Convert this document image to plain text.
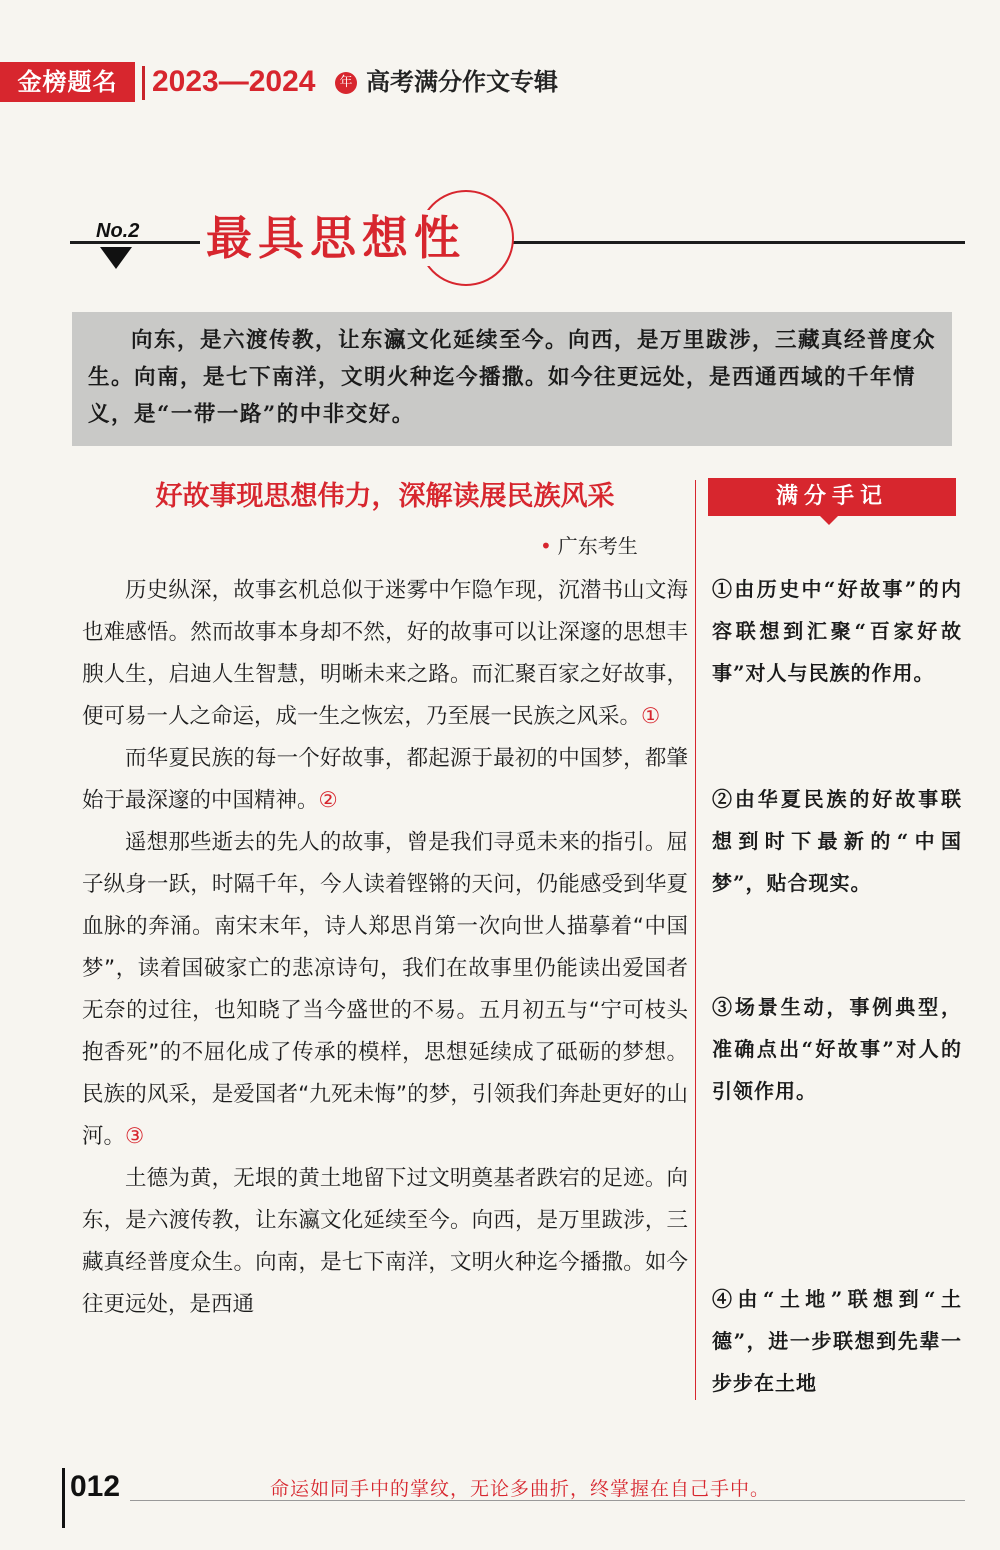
金榜题名	2023—2024	年 高考满分作文专辑
No.2 最具思想性

向东，是六渡传教，让东瀛文化延续至今。向西，是万里跋涉，三藏真经普度众生。向南，是七下南洋，文明火种迄今播撒。如今往更远处，是西通西域的千年情义，是“一带一路”的中非交好。

好故事现思想伟力，深解读展民族风采
• 广东考生

历史纵深，故事玄机总似于迷雾中乍隐乍现，沉潜书山文海也难感悟。然而故事本身却不然，好的故事可以让深邃的思想丰腴人生，启迪人生智慧，明晰未来之路。而汇聚百家之好故事，便可易一人之命运，成一生之恢宏，乃至展一民族之风采。①

而华夏民族的每一个好故事，都起源于最初的中国梦，都肇始于最深邃的中国精神。②

遥想那些逝去的先人的故事，曾是我们寻觅未来的指引。屈子纵身一跃，时隔千年，今人读着铿锵的天问，仍能感受到华夏血脉的奔涌。南宋末年，诗人郑思肖第一次向世人描摹着“中国梦”，读着国破家亡的悲凉诗句，我们在故事里仍能读出爱国者无奈的过往，也知晓了当今盛世的不易。五月初五与“宁可枝头抱香死”的不屈化成了传承的模样，思想延续成了砥砺的梦想。民族的风采，是爱国者“九死未悔”的梦，引领我们奔赴更好的山河。③

土德为黄，无垠的黄土地留下过文明奠基者跌宕的足迹。向东，是六渡传教，让东瀛文化延续至今。向西，是万里跋涉，三藏真经普度众生。向南，是七下南洋，文明火种迄今播撒。如今往更远处，是西通

满分手记
①由历史中“好故事”的内容联想到汇聚“百家好故事”对人与民族的作用。
②由华夏民族的好故事联想到时下最新的“中国梦”，贴合现实。
③场景生动，事例典型，准确点出“好故事”对人的引领作用。
④由“土地”联想到“土德”，进一步联想到先辈一步步在土地
012	命运如同手中的掌纹，无论多曲折，终掌握在自己手中。
